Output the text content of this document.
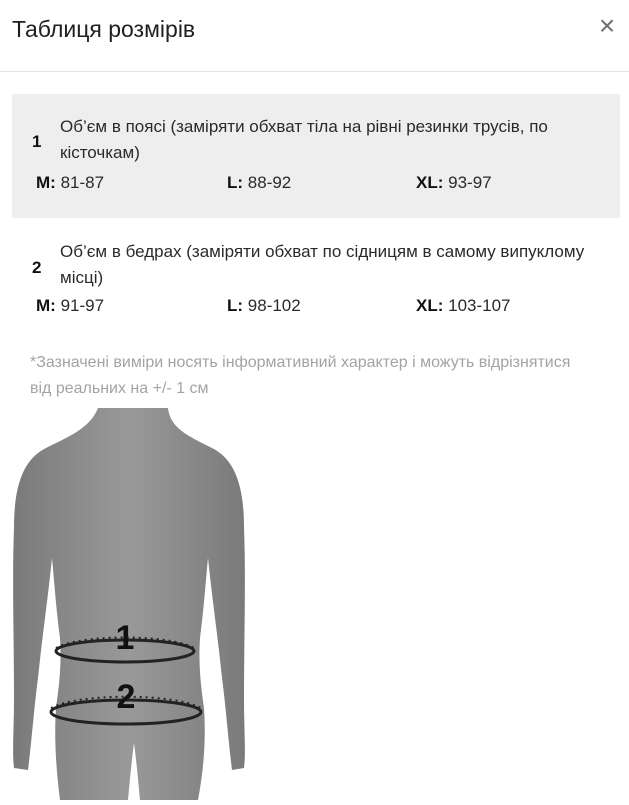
Таблиця розмірів	×
1
Об’єм в поясі (заміряти обхват тіла на рівні резинки трусів, по кісточкам)
M: 81-87	L: 88-92	XL: 93-97
2
Об’єм в бедрах (заміряти обхват по сідницям в самому випуклому місці)
M: 91-97	L: 98-102	XL: 103-107
*Зазначені виміри носять інформативний характер і можуть відрізнятися від реальних на +/- 1 см
1
2
